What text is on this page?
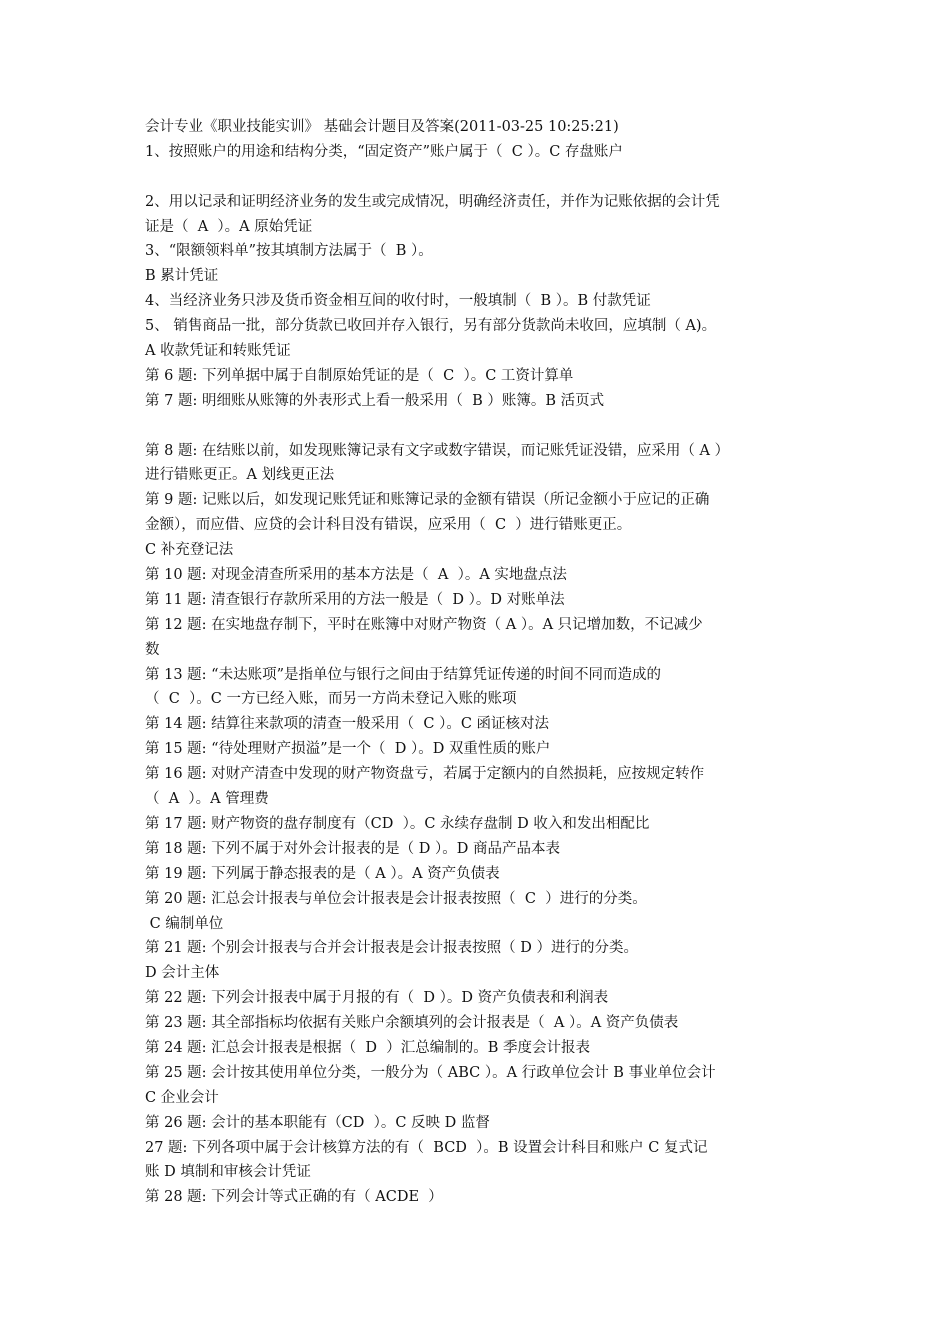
会计专业《职业技能实训》 基础会计题目及答案(2011-03-25 10:25:21)
1、按照账户的用途和结构分类，“固定资产”账户属于（  C ）。C 存盘账户
2、用以记录和证明经济业务的发生或完成情况，明确经济责任，并作为记账依据的会计凭
证是（  A  ）。A 原始凭证
3、“限额领料单”按其填制方法属于（  B ）。
B 累计凭证
4、当经济业务只涉及货币资金相互间的收付时，一般填制（  B ）。B 付款凭证
5、 销售商品一批，部分货款已收回并存入银行，另有部分货款尚未收回，应填制（ A)。
A 收款凭证和转账凭证
第 6 题: 下列单据中属于自制原始凭证的是（  C  ）。C 工资计算单
第 7 题: 明细账从账簿的外表形式上看一般采用（  B ）账簿。B 活页式
第 8 题: 在结账以前，如发现账簿记录有文字或数字错误，而记账凭证没错，应采用（ A ）
进行错账更正。A 划线更正法
第 9 题: 记账以后，如发现记账凭证和账簿记录的金额有错误（所记金额小于应记的正确
金额），而应借、应贷的会计科目没有错误，应采用（  C  ）进行错账更正。
C 补充登记法
第 10 题: 对现金清查所采用的基本方法是（  A  ）。A 实地盘点法
第 11 题: 清查银行存款所采用的方法一般是（  D ）。D 对账单法
第 12 题: 在实地盘存制下，平时在账簿中对财产物资（ A ）。A 只记增加数，不记减少
数
第 13 题: “未达账项”是指单位与银行之间由于结算凭证传递的时间不同而造成的
（  C  ）。C 一方已经入账，而另一方尚未登记入账的账项
第 14 题: 结算往来款项的清查一般采用（  C ）。C 函证核对法
第 15 题: “待处理财产损溢”是一个（  D ）。D 双重性质的账户
第 16 题: 对财产清查中发现的财产物资盘亏，若属于定额内的自然损耗，应按规定转作
（  A  ）。A 管理费
第 17 题: 财产物资的盘存制度有（CD  ）。C 永续存盘制 D 收入和发出相配比
第 18 题: 下列不属于对外会计报表的是（ D ）。D 商品产品本表
第 19 题: 下列属于静态报表的是（ A ）。A 资产负债表
第 20 题: 汇总会计报表与单位会计报表是会计报表按照（  C  ）进行的分类。
C 编制单位
第 21 题: 个别会计报表与合并会计报表是会计报表按照（ D ）进行的分类。
D 会计主体
第 22 题: 下列会计报表中属于月报的有（  D ）。D 资产负债表和利润表
第 23 题: 其全部指标均依据有关账户余额填列的会计报表是（  A ）。A 资产负债表
第 24 题: 汇总会计报表是根据（  D  ）汇总编制的。B 季度会计报表
第 25 题: 会计按其使用单位分类，一般分为（ ABC ）。A 行政单位会计 B 事业单位会计
C 企业会计
第 26 题: 会计的基本职能有（CD  ）。C 反映 D 监督
27 题: 下列各项中属于会计核算方法的有（  BCD  ）。B 设置会计科目和账户 C 复式记
账 D 填制和审核会计凭证
第 28 题: 下列会计等式正确的有（ ACDE  ）
